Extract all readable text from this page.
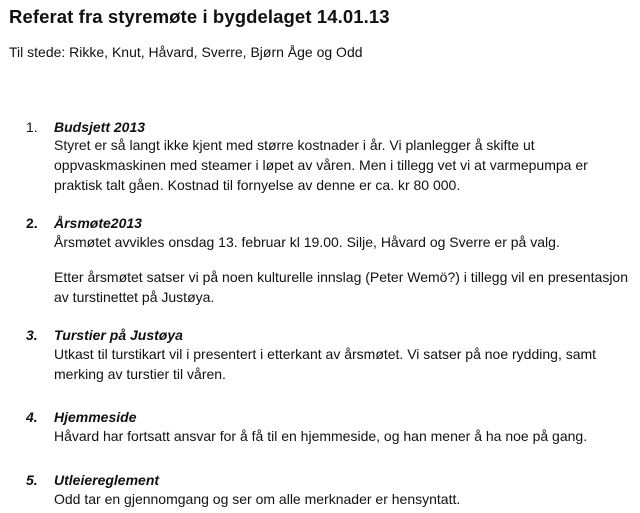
Referat fra styremøte i bygdelaget 14.01.13
Til stede: Rikke, Knut, Håvard, Sverre, Bjørn Åge og Odd
1. Budsjett 2013
Styret er så langt ikke kjent med større kostnader i år. Vi planlegger å skifte ut
oppvaskmaskinen med steamer i løpet av våren. Men i tillegg vet vi at varmepumpa er
praktisk talt gåen. Kostnad til fornyelse av denne er ca. kr 80 000.
2. Årsmøte2013
Årsmøtet avvikles onsdag 13. februar kl 19.00. Silje, Håvard og Sverre er på valg.
Etter årsmøtet satser vi på noen kulturelle innslag (Peter Wemö?) i tillegg vil en presentasjon
av turstinettet på Justøya.
3. Turstier på Justøya
Utkast til turstikart vil i presentert i etterkant av årsmøtet. Vi satser på noe rydding, samt
merking av turstier til våren.
4. Hjemmeside
Håvard har fortsatt ansvar for å få til en hjemmeside, og han mener å ha noe på gang.
5. Utleiereglement
Odd tar en gjennomgang og ser om alle merknader er hensyntatt.
